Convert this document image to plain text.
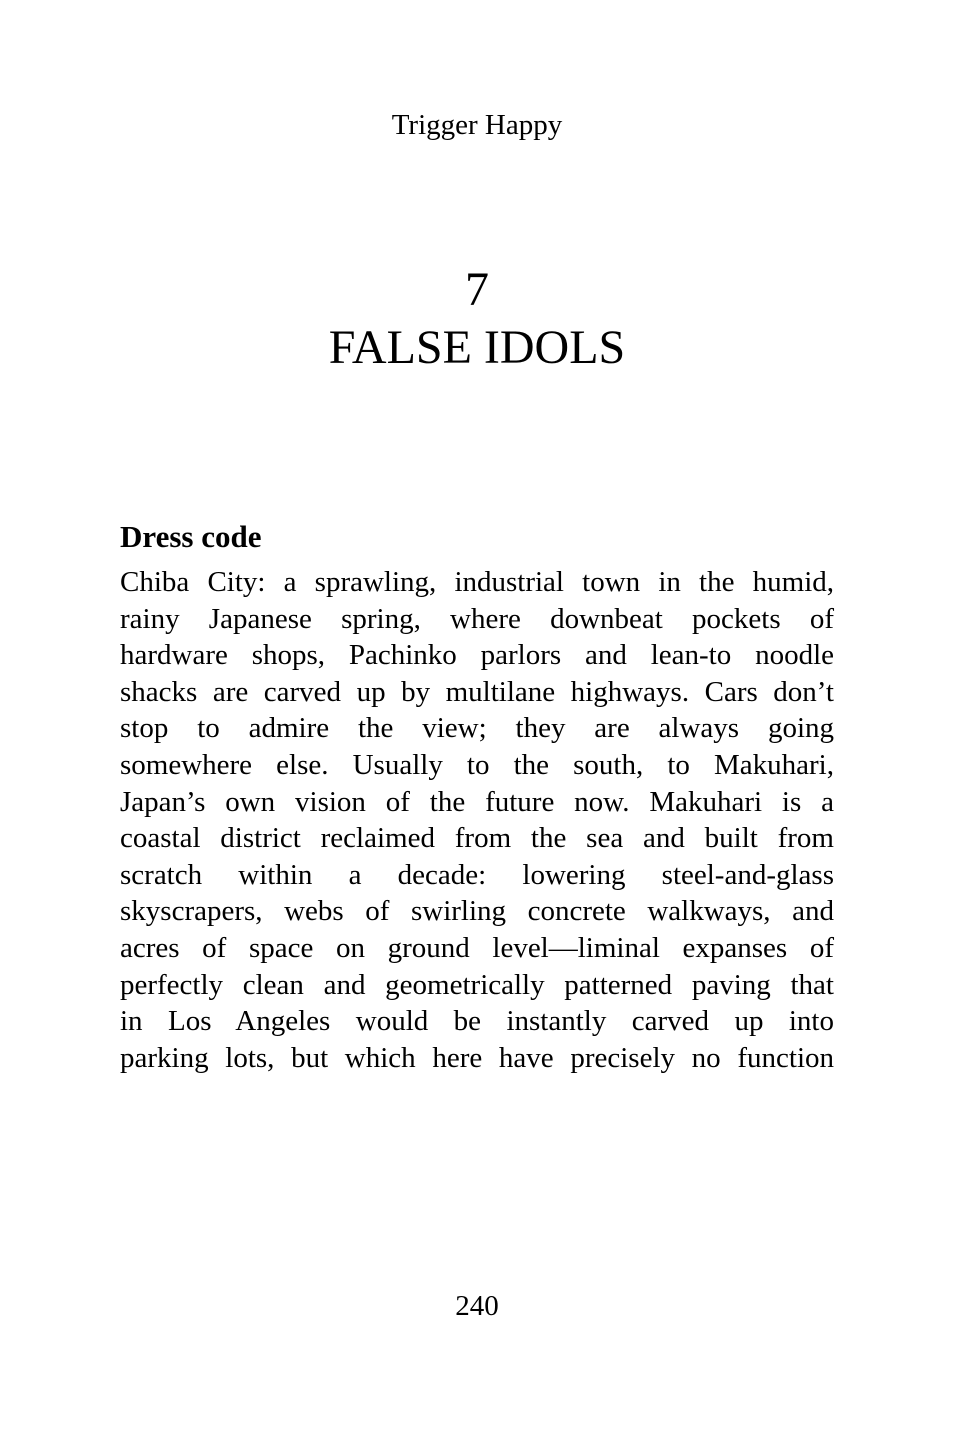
Trigger Happy
7
FALSE IDOLS
Dress code
Chiba City: a sprawling, industrial town in the humid,
rainy Japanese spring, where downbeat pockets of
hardware shops, Pachinko parlors and lean-to noodle
shacks are carved up by multilane highways. Cars don’t
stop to admire the view; they are always going
somewhere else. Usually to the south, to Makuhari,
Japan’s own vision of the future now. Makuhari is a
coastal district reclaimed from the sea and built from
scratch within a decade: lowering steel-and-glass
skyscrapers, webs of swirling concrete walkways, and
acres of space on ground level—liminal expanses of
perfectly clean and geometrically patterned paving that
in Los Angeles would be instantly carved up into
parking lots, but which here have precisely no function
240
